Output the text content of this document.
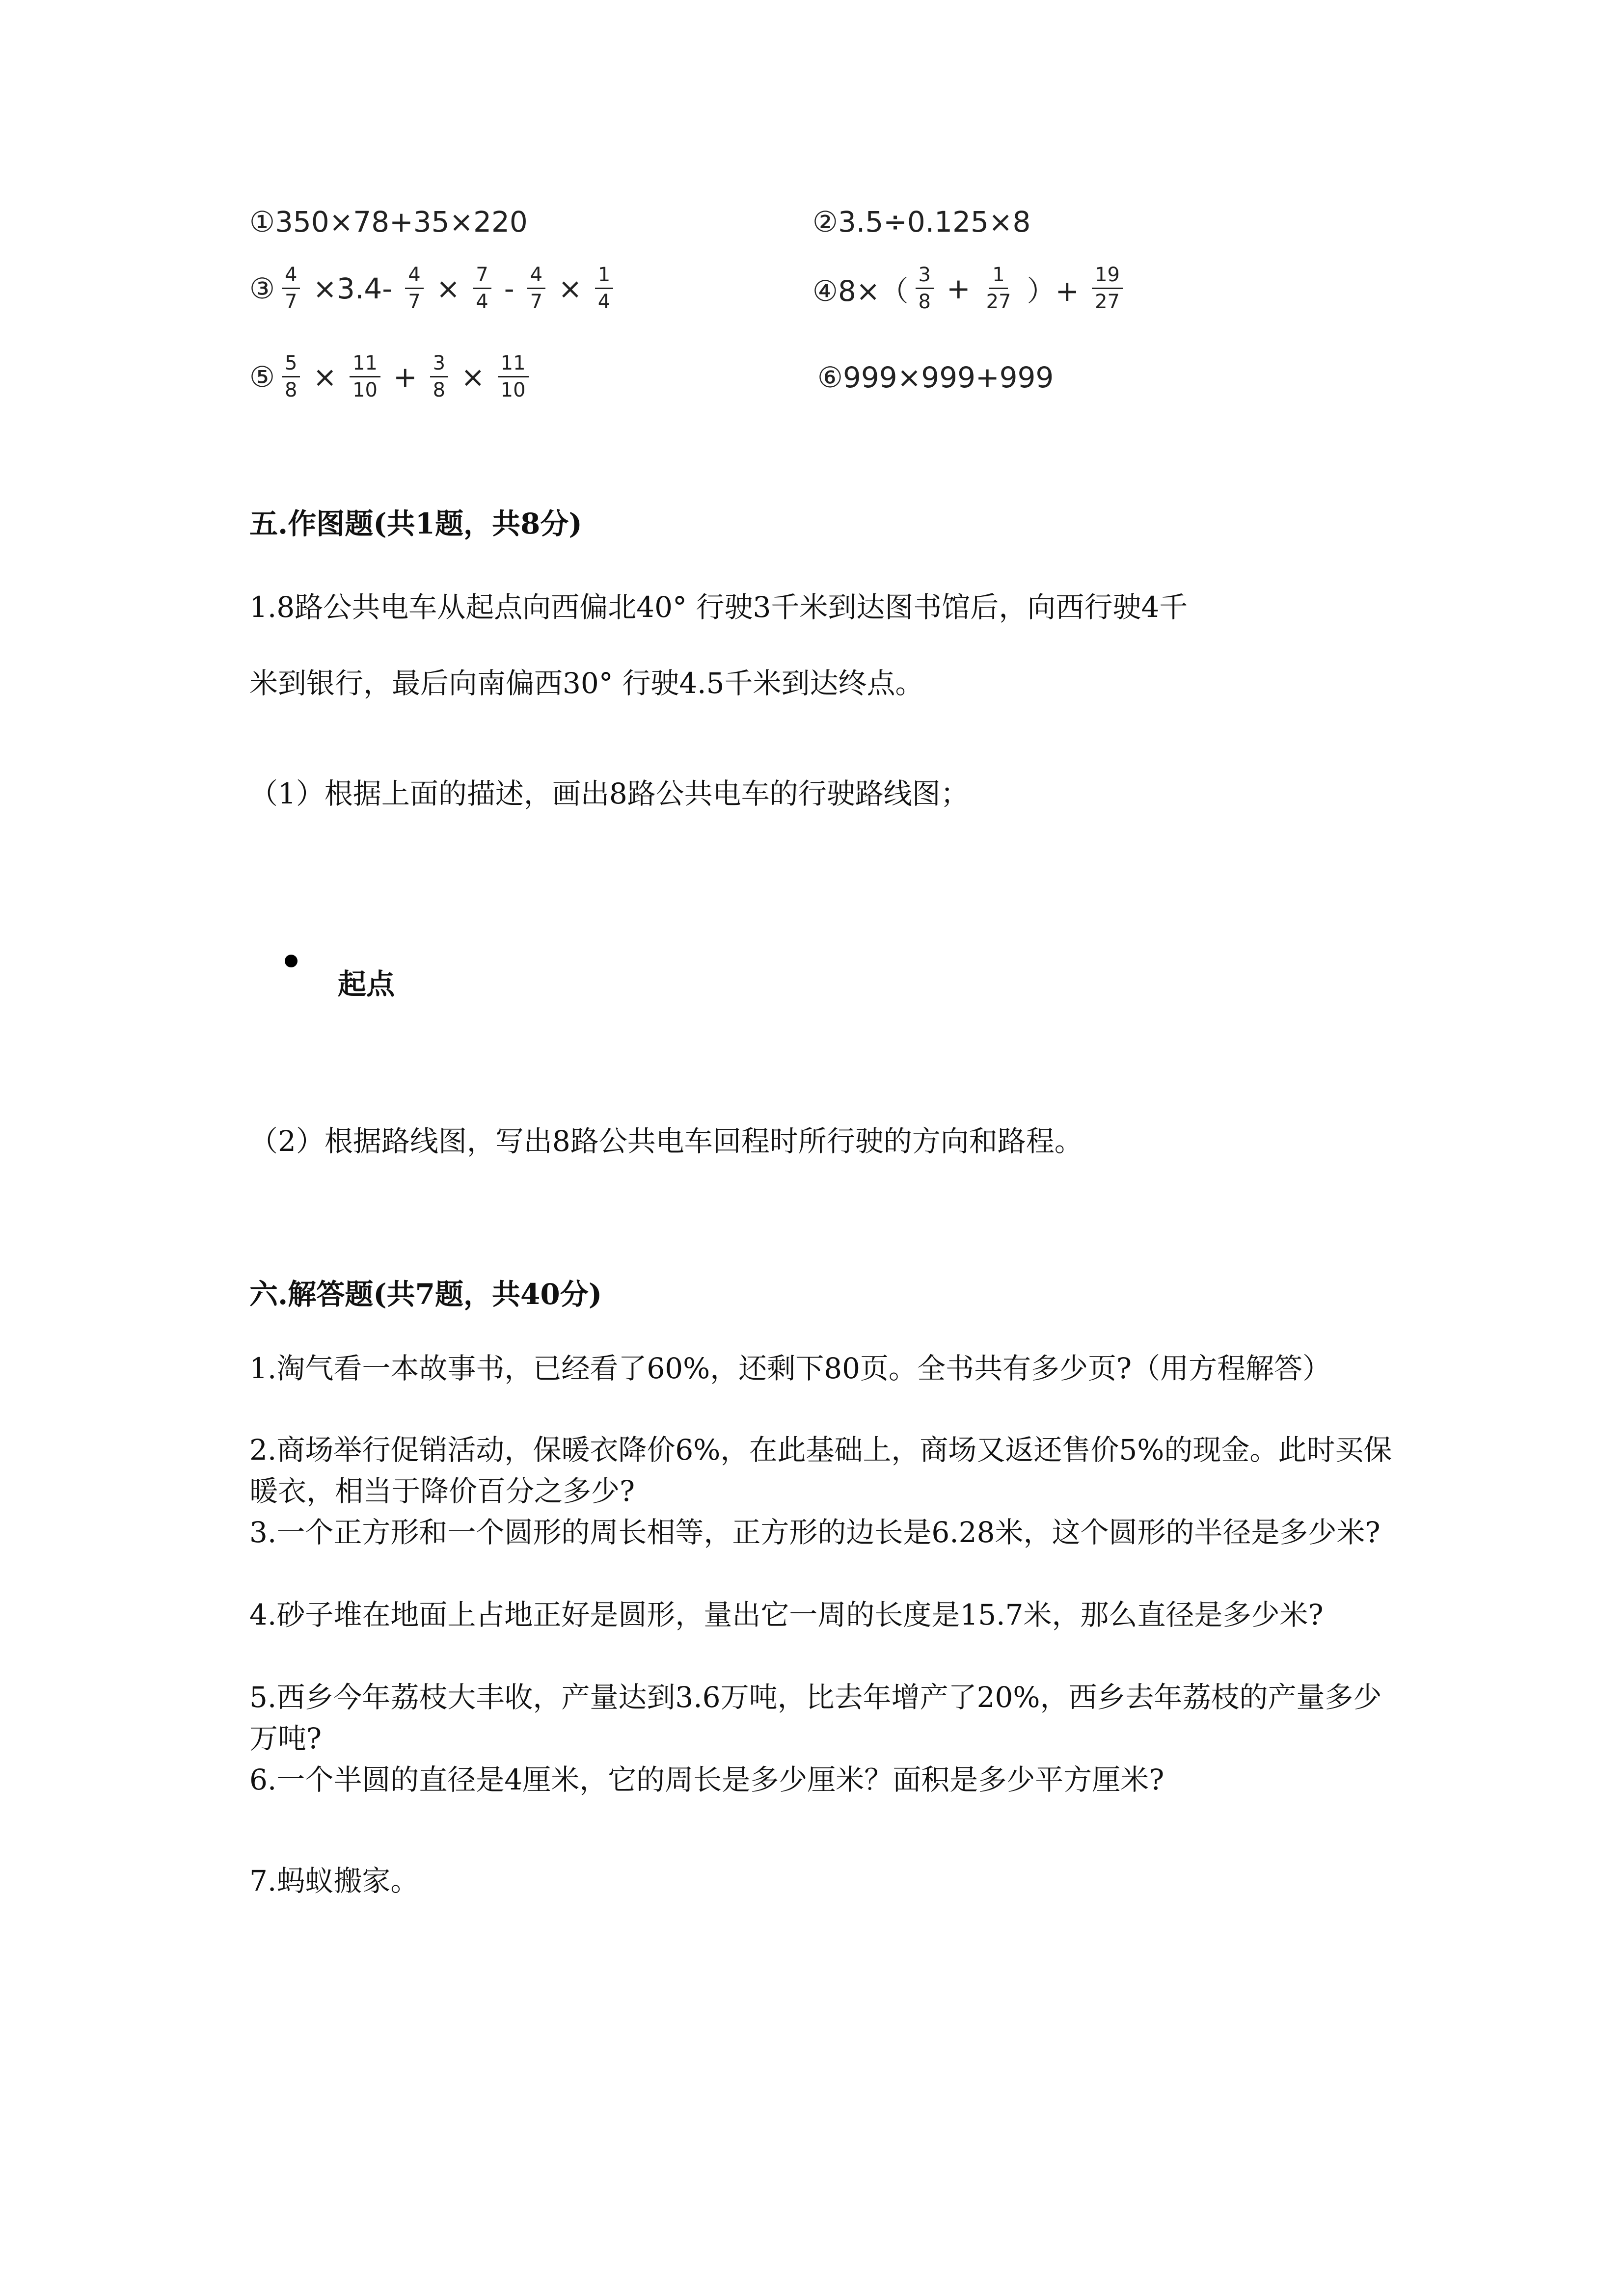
①350×78+35×220	②3.5÷0.125×8
③ $\frac{4}{7} \times 3.4- \frac{4}{7} \times \frac{7}{4} - \frac{4}{7} \times \frac{1}{4}$	④8×（ $\frac{3}{8} + \frac{1}{27}$ ）+ $\frac{19}{27}$
⑤ $\frac{5}{8} \times \frac{11}{10} + \frac{3}{8} \times \frac{11}{10}$	⑥999×999+999
五.作图题(共1题，共8分)
1.8路公共电车从起点向西偏北40° 行驶3千米到达图书馆后，向西行驶4千
米到银行，最后向南偏西30° 行驶4.5千米到达终点。
（1）根据上面的描述，画出8路公共电车的行驶路线图；
起点
（2）根据路线图，写出8路公共电车回程时所行驶的方向和路程。
六.解答题(共7题，共40分)
1.淘气看一本故事书，已经看了60%，还剩下80页。全书共有多少页?（用方程解答）
2.商场举行促销活动，保暖衣降价6%，在此基础上，商场又返还售价5%的现金。此时买保暖衣，相当于降价百分之多少?
3.一个正方形和一个圆形的周长相等，正方形的边长是6.28米，这个圆形的半径是多少米?
4.砂子堆在地面上占地正好是圆形，量出它一周的长度是15.7米，那么直径是多少米?
5.西乡今年荔枝大丰收，产量达到3.6万吨，比去年增产了20%，西乡去年荔枝的产量多少万吨?
6.一个半圆的直径是4厘米，它的周长是多少厘米？面积是多少平方厘米?
7.蚂蚁搬家。
